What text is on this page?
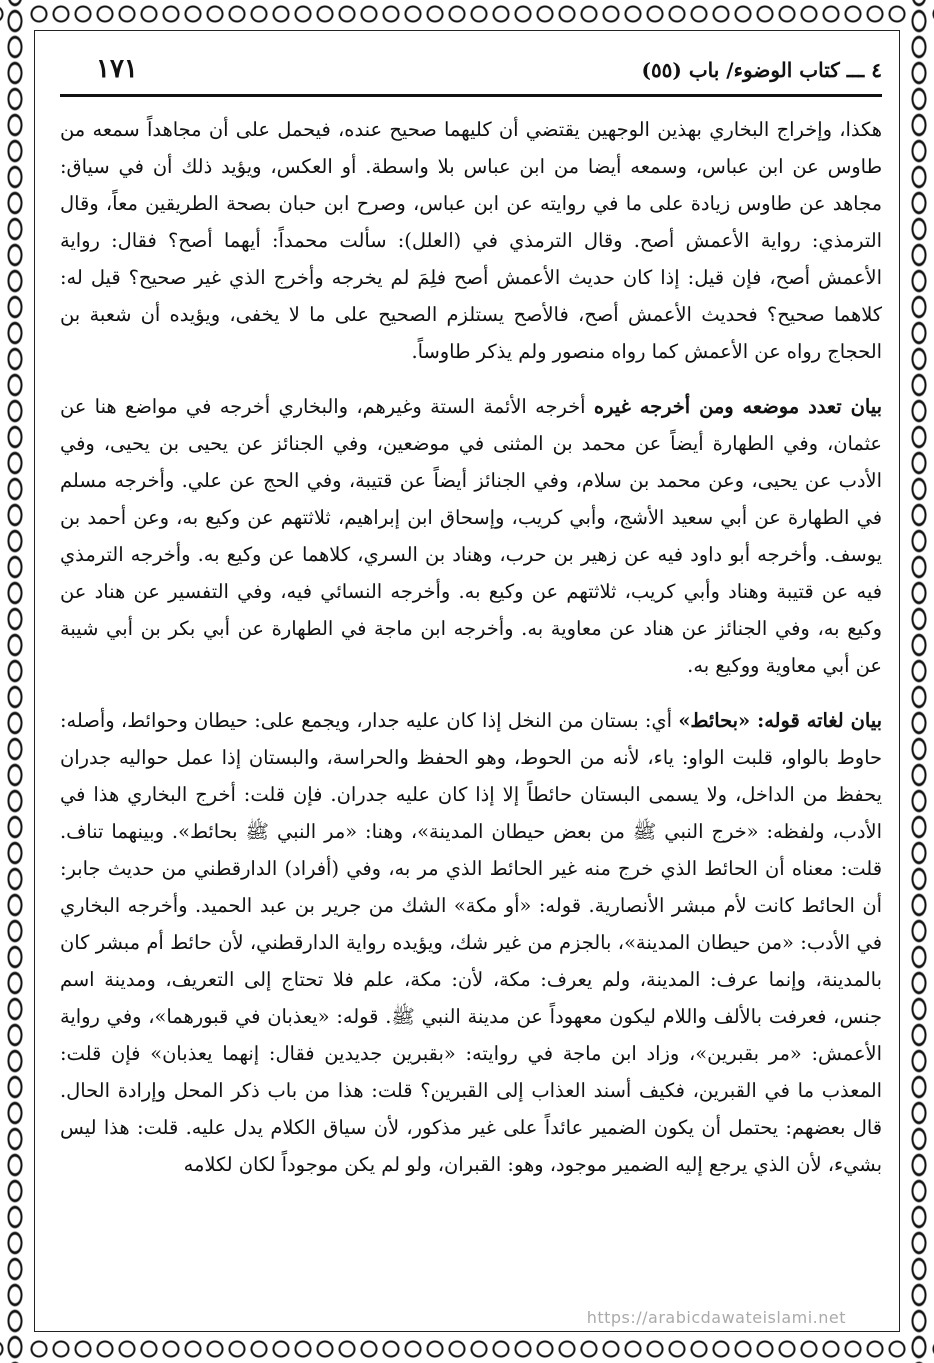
٤ ـــ كتاب الوضوء/ باب (٥٥)
١٧١

هكذا، وإخراج البخاري بهذين الوجهين يقتضي أن كليهما صحيح عنده، فيحمل على أن مجاهداً سمعه من طاوس عن ابن عباس، وسمعه أيضا من ابن عباس بلا واسطة. أو العكس، ويؤيد ذلك أن في سياق: مجاهد عن طاوس زيادة على ما في روايته عن ابن عباس، وصرح ابن حبان بصحة الطريقين معاً، وقال الترمذي: رواية الأعمش أصح. وقال الترمذي في (العلل): سألت محمداً: أيهما أصح؟ فقال: رواية الأعمش أصح، فإن قيل: إذا كان حديث الأعمش أصح فلِمَ لم يخرجه وأخرج الذي غير صحيح؟ قيل له: كلاهما صحيح؟ فحديث الأعمش أصح، فالأصح يستلزم الصحيح على ما لا يخفى، ويؤيده أن شعبة بن الحجاج رواه عن الأعمش كما رواه منصور ولم يذكر طاوساً.

بيان تعدد موضعه ومن أخرجه غيره أخرجه الأئمة الستة وغيرهم، والبخاري أخرجه في مواضع هنا عن عثمان، وفي الطهارة أيضاً عن محمد بن المثنى في موضعين، وفي الجنائز عن يحيى بن يحيى، وفي الأدب عن يحيى، وعن محمد بن سلام، وفي الجنائز أيضاً عن قتيبة، وفي الحج عن علي. وأخرجه مسلم في الطهارة عن أبي سعيد الأشج، وأبي كريب، وإسحاق ابن إبراهيم، ثلاثتهم عن وكيع به، وعن أحمد بن يوسف. وأخرجه أبو داود فيه عن زهير بن حرب، وهناد بن السري، كلاهما عن وكيع به. وأخرجه الترمذي فيه عن قتيبة وهناد وأبي كريب، ثلاثتهم عن وكيع به. وأخرجه النسائي فيه، وفي التفسير عن هناد عن وكيع به، وفي الجنائز عن هناد عن معاوية به. وأخرجه ابن ماجة في الطهارة عن أبي بكر بن أبي شيبة عن أبي معاوية ووكيع به.

بيان لغاته قوله: «بحائط» أي: بستان من النخل إذا كان عليه جدار، ويجمع على: حيطان وحوائط، وأصله: حاوط بالواو، قلبت الواو: ياء، لأنه من الحوط، وهو الحفظ والحراسة، والبستان إذا عمل حواليه جدران يحفظ من الداخل، ولا يسمى البستان حائطاً إلا إذا كان عليه جدران. فإن قلت: أخرج البخاري هذا في الأدب، ولفظه: «خرج النبي ﷺ من بعض حيطان المدينة»، وهنا: «مر النبي ﷺ بحائط». وبينهما تناف. قلت: معناه أن الحائط الذي خرج منه غير الحائط الذي مر به، وفي (أفراد) الدارقطني من حديث جابر: أن الحائط كانت لأم مبشر الأنصارية. قوله: «أو مكة» الشك من جرير بن عبد الحميد. وأخرجه البخاري في الأدب: «من حيطان المدينة»، بالجزم من غير شك، ويؤيده رواية الدارقطني، لأن حائط أم مبشر كان بالمدينة، وإنما عرف: المدينة، ولم يعرف: مكة، لأن: مكة، علم فلا تحتاج إلى التعريف، ومدينة اسم جنس، فعرفت بالألف واللام ليكون معهوداً عن مدينة النبي ﷺ. قوله: «يعذبان في قبورهما»، وفي رواية الأعمش: «مر بقبرين»، وزاد ابن ماجة في روايته: «بقبرين جديدين فقال: إنهما يعذبان» فإن قلت: المعذب ما في القبرين، فكيف أسند العذاب إلى القبرين؟ قلت: هذا من باب ذكر المحل وإرادة الحال. قال بعضهم: يحتمل أن يكون الضمير عائداً على غير مذكور، لأن سياق الكلام يدل عليه. قلت: هذا ليس بشيء، لأن الذي يرجع إليه الضمير موجود، وهو: القبران، ولو لم يكن موجوداً لكان لكلامه

https://arabicdawateislami.net
